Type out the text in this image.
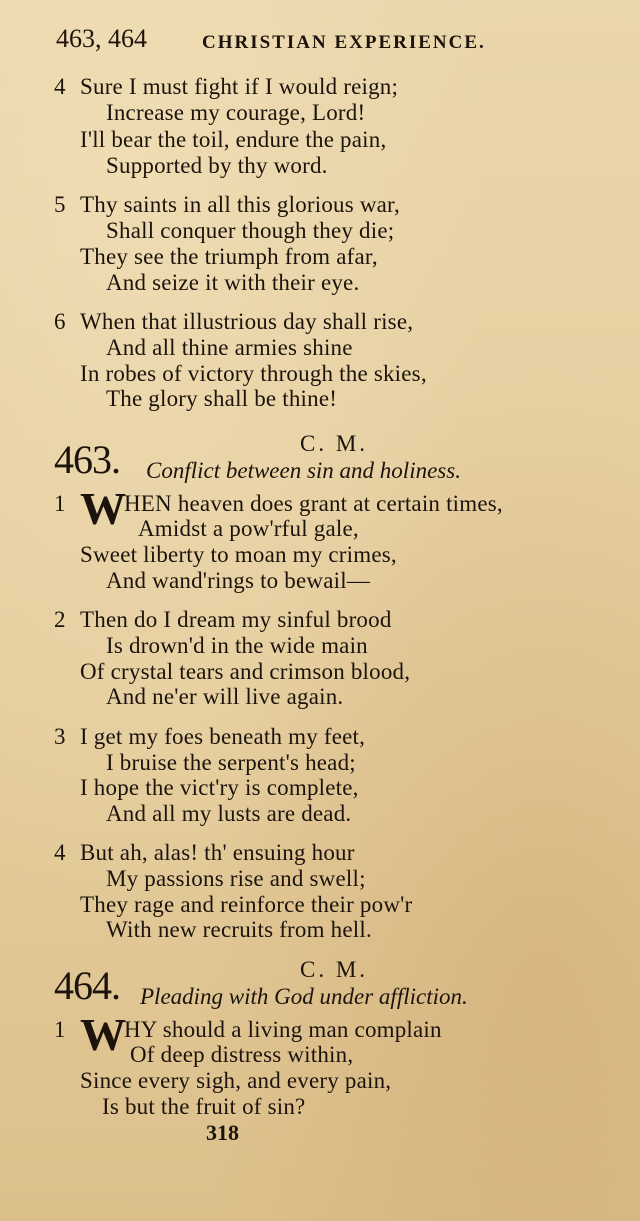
463, 464	CHRISTIAN EXPERIENCE.
4 Sure I must fight if I would reign;
Increase my courage, Lord!
I'll bear the toil, endure the pain,
Supported by thy word.
5 Thy saints in all this glorious war,
Shall conquer though they die;
They see the triumph from afar,
And seize it with their eye.
6 When that illustrious day shall rise,
And all thine armies shine
In robes of victory through the skies,
The glory shall be thine!
C. M.
463. Conflict between sin and holiness.
1 W
HEN heaven does grant at certain times,
Amidst a pow'rful gale,
Sweet liberty to moan my crimes,
And wand'rings to bewail—
2 Then do I dream my sinful brood
Is drown'd in the wide main
Of crystal tears and crimson blood,
And ne'er will live again.
3 I get my foes beneath my feet,
I bruise the serpent's head;
I hope the vict'ry is complete,
And all my lusts are dead.
4 But ah, alas! th' ensuing hour
My passions rise and swell;
They rage and reinforce their pow'r
With new recruits from hell.
C. M.
464. Pleading with God under affliction.
1 W
HY should a living man complain
Of deep distress within,
Since every sigh, and every pain,
Is but the fruit of sin?
318
